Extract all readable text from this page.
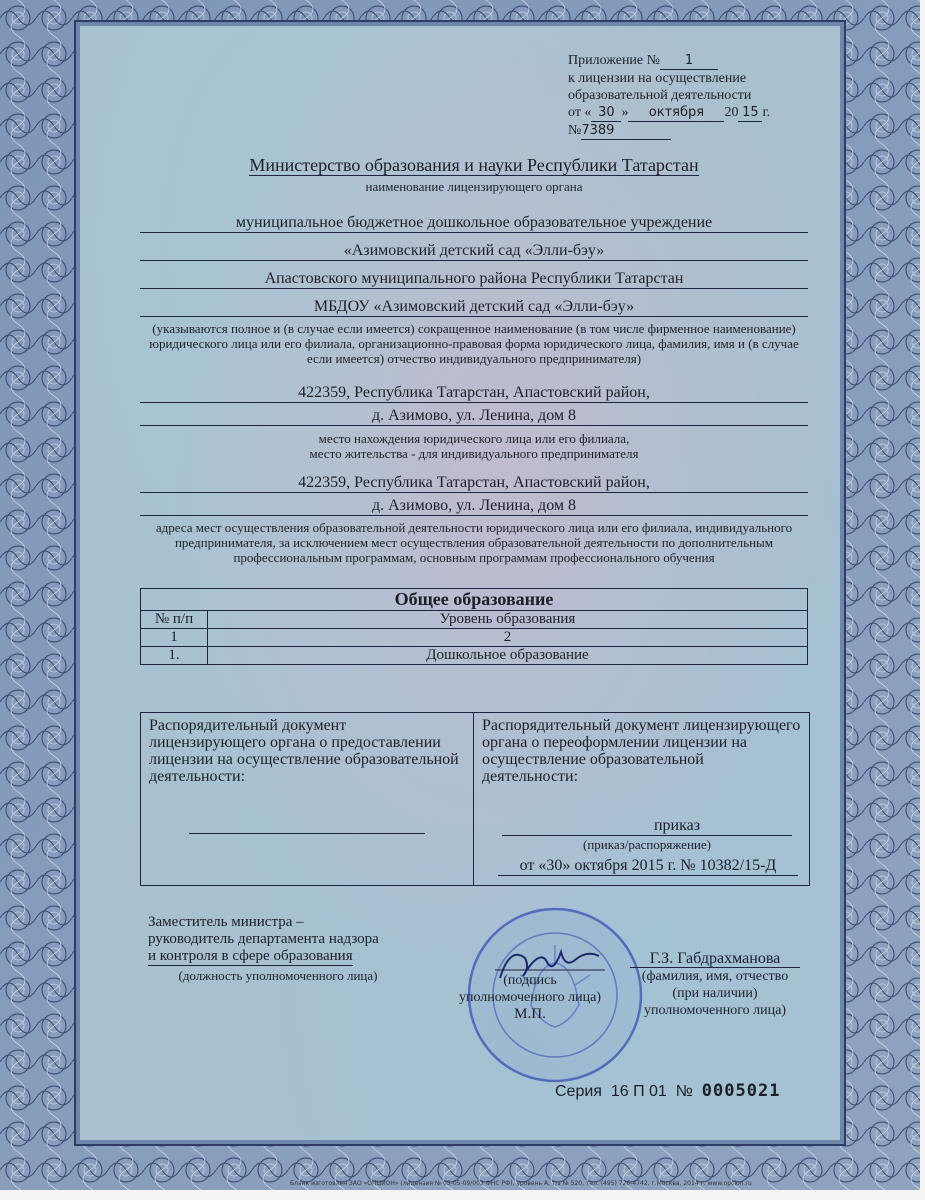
Приложение № 1
к лицензии на осуществление
образовательной деятельности
от « 30 » октября 20 15 г.
№7389
Министерство образования и науки Республики Татарстан
наименование лицензирующего органа
муниципальное бюджетное дошкольное образовательное учреждение
«Азимовский детский сад «Элли-бэу»
Апастовского муниципального района Республики Татарстан
МБДОУ «Азимовский детский сад «Элли-бэу»
(указываются полное и (в случае если имеется) сокращенное наименование (в том числе фирменное наименование) юридического лица или его филиала, организационно-правовая форма юридического лица, фамилия, имя и (в случае если имеется) отчество индивидуального предпринимателя)
422359, Республика Татарстан, Апастовский район,
д. Азимово, ул. Ленина, дом 8
место нахождения юридического лица или его филиала,
место жительства - для индивидуального предпринимателя
422359, Республика Татарстан, Апастовский район,
д. Азимово, ул. Ленина, дом 8
адреса мест осуществления образовательной деятельности юридического лица или его филиала, индивидуального предпринимателя, за исключением мест осуществления образовательной деятельности по дополнительным профессиональным программам, основным программам профессионального обучения
Общее образование	
№ п/п	Уровень образования
1	2
1.	Дошкольное образование
Распорядительный документ лицензирующего органа о предоставлении лицензии на осуществление образовательной деятельности:
Распорядительный документ лицензирующего органа о переоформлении лицензии на осуществление образовательной деятельности:
приказ
(приказ/распоряжение)
от «30» октября 2015 г. № 10382/15-Д
Заместитель министра –
руководитель департамента надзора
и контроля в сфере образования
(должность уполномоченного лица)	(подпись
уполномоченного лица)
М.П.
Г.З. Габдрахманова
(фамилия, имя, отчество
(при наличии)
уполномоченного лица)
Серия 16 П 01 № 0005021
Бланк изготовлен ЗАО «ОПЦИОН» (лицензия № 05-05-09/003 ФНС РФ), уровень А, т/з № 520, тел. (495) 726-4742, г.Москва, 2014 г. www.opcion.ru
